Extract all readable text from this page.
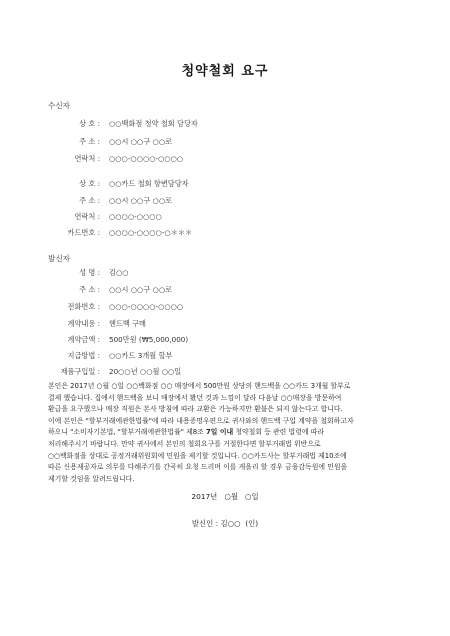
청약철회 요구
수신자
상 호 : ○○백화점 청약 철회 담당자
주 소 : ○○시 ○○구 ○○로
연락처 : ○○○-○○○○-○○○○
상 호 : ○○카드 철회 항변담당자
주 소 : ○○시 ○○구 ○○로
연락처 : ○○○○-○○○○
카드번호 : ○○○○-○○○○-○＊＊＊
발신자
성 명 : 김○○
주 소 : ○○시 ○○구 ○○로
전화번호 : ○○○-○○○○-○○○○
계약내용 : 핸드백 구매
계약금액 : 500만원 (₩5,000,000)
지급방법 : ○○카드 3개월 할부
제품구입일 : 20○○년 ○○월 ○○일

본인은 2017년 ○월 ○일 ○○백화점 ○○ 매장에서 500만원 상당의 핸드백을 ○○카드 3개월 할부로

결제 했습니다. 집에서 핸드백을 보니 매장에서 봤던 것과 느낌이 달라 다음날 ○○매장을 방문하여

환급을 요구했으나 매장 직원은 본사 방침에 따라 교환은 가능하지만 환불은 되지 않는다고 합니다.

이에 본인은 "할부거래에관한법률"에 따라 내용증명우편으로 귀사와의 핸드백 구입 계약을 철회하고자

하오니 "소비자기본법, "할부거래에관한법률" 제8조 7일 이내 청약철회 등 관련 법령에 따라

처리해주시기 바랍니다. 만약 귀사에서 본인의 철회요구를 거절한다면 할부거래법 위반으로

○○백화점을 상대로 공정거래위원회에 민원을 제기할 것입니다. ○○카드사는 할부거래법 제10조에

따른 신용제공자로 의무를 다해주기를 간곡히 요청 드리며 이를 게을리 할 경우 금융감독원에 민원을

제기할 것임을 알려드립니다.

2017년   ○월   ○일
발신인 : 김○○  (인)
